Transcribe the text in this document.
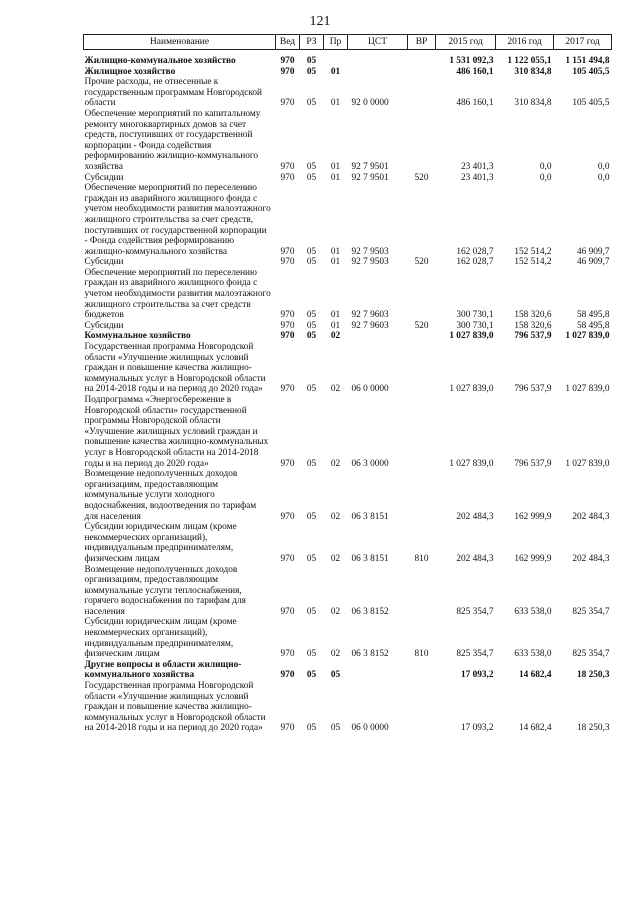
121
Наименование	Вед	РЗ	Пр	ЦСТ	ВР	2015 год	2016 год	2017 год
Жилищно-коммунальное хозяйство	970	05				1 531 092,3	1 122 055,1	1 151 494,8
Жилищное хозяйство	970	05	01			486 160,1	310 834,8	105 405,5
Прочие расходы, не отнесенные к государственным программам Новгородской области	970	05	01	92 0 0000		486 160,1	310 834,8	105 405,5
Обеспечение мероприятий по капитальному ремонту многоквартирных домов за счет средств, поступивших от государственной корпорации - Фонда содействия реформированию жилищно-коммунального хозяйства	970	05	01	92 7 9501		23 401,3	0,0	0,0
Субсидии	970	05	01	92 7 9501	520	23 401,3	0,0	0,0
Обеспечение мероприятий по переселению граждан из аварийного жилищного фонда с учетом необходимости развития малоэтажного жилищного строительства за счет средств, поступивших от государственной корпорации - Фонда содействия реформированию жилищно-коммунального хозяйства	970	05	01	92 7 9503		162 028,7	152 514,2	46 909,7
Субсидии	970	05	01	92 7 9503	520	162 028,7	152 514,2	46 909,7
Обеспечение мероприятий по переселению граждан из аварийного жилищного фонда с учетом необходимости развития малоэтажного жилищного строительства за счет средств бюджетов	970	05	01	92 7 9603		300 730,1	158 320,6	58 495,8
Субсидии	970	05	01	92 7 9603	520	300 730,1	158 320,6	58 495,8
Коммунальное хозяйство	970	05	02			1 027 839,0	796 537,9	1 027 839,0
Государственная программа Новгородской области «Улучшение жилищных условий граждан и повышение качества жилищно-коммунальных услуг в Новгородской области на 2014-2018 годы и на период до 2020 года»	970	05	02	06 0 0000		1 027 839,0	796 537,9	1 027 839,0
Подпрограмма «Энергосбережение в Новгородской области» государственной программы Новгородской области «Улучшение жилищных условий граждан и повышение качества жилищно-коммунальных услуг в Новгородской области на 2014-2018 годы и на период до 2020 года»	970	05	02	06 3 0000		1 027 839,0	796 537,9	1 027 839,0
Возмещение недополученных доходов организациям, предоставляющим коммунальные услуги холодного водоснабжения, водоотведения по тарифам для населения	970	05	02	06 3 8151		202 484,3	162 999,9	202 484,3
Субсидии юридическим лицам (кроме некоммерческих организаций), индивидуальным предпринимателям, физическим лицам	970	05	02	06 3 8151	810	202 484,3	162 999,9	202 484,3
Возмещение недополученных доходов организациям, предоставляющим коммунальные услуги теплоснабжения, горячего водоснабжения по тарифам для населения	970	05	02	06 3 8152		825 354,7	633 538,0	825 354,7
Субсидии юридическим лицам (кроме некоммерческих организаций), индивидуальным предпринимателям, физическим лицам	970	05	02	06 3 8152	810	825 354,7	633 538,0	825 354,7
Другие вопросы в области жилищно-коммунального хозяйства	970	05	05			17 093,2	14 682,4	18 250,3
Государственная программа Новгородской области «Улучшение жилищных условий граждан и повышение качества жилищно-коммунальных услуг в Новгородской области на 2014-2018 годы и на период до 2020 года»	970	05	05	06 0 0000		17 093,2	14 682,4	18 250,3
